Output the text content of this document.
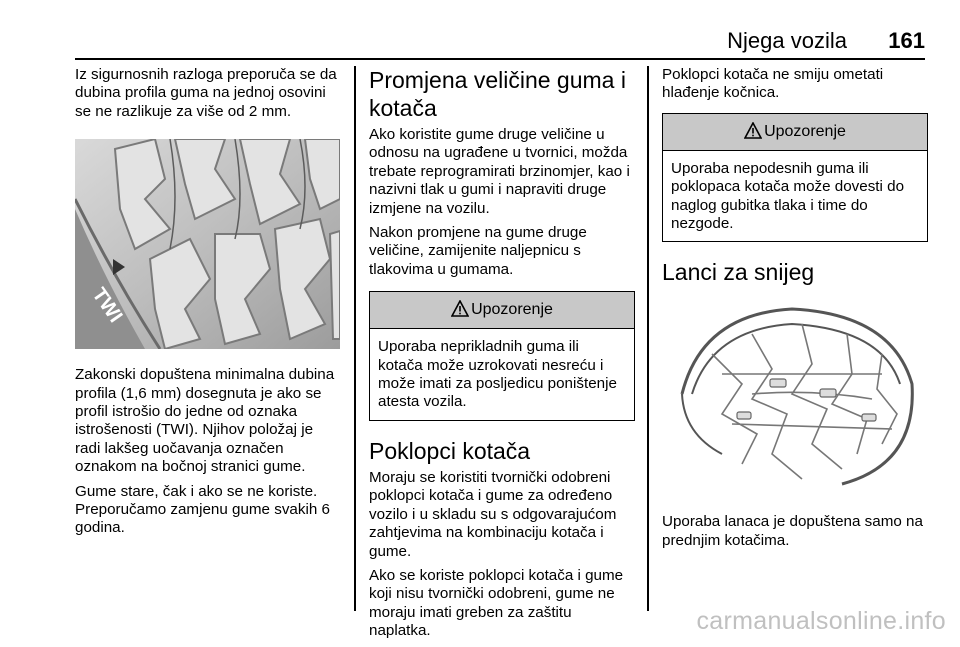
Njega vozila 161

Iz sigurnosnih razloga preporuča se da dubina profila guma na jednoj osovini se ne razlikuje za više od 2 mm.

TWI

Zakonski dopuštena minimalna dubina profila (1,6 mm) dosegnuta je ako se profil istrošio do jedne od oznaka istrošenosti (TWI). Njihov položaj je radi lakšeg uočavanja označen oznakom na bočnoj stranici gume.

Gume stare, čak i ako se ne koriste. Preporučamo zamjenu gume svakih 6 godina.

Promjena veličine guma i kotača

Ako koristite gume druge veličine u odnosu na ugrađene u tvornici, možda trebate reprogramirati brzinomjer, kao i nazivni tlak u gumi i napraviti druge izmjene na vozilu.

Nakon promjene na gume druge veličine, zamijenite naljepnicu s tlakovima u gumama.

Upozorenje

Uporaba neprikladnih guma ili kotača može uzrokovati nesreću i može imati za posljedicu poništenje atesta vozila.

Poklopci kotača

Moraju se koristiti tvornički odobreni poklopci kotača i gume za određeno vozilo i u skladu su s odgovarajućom zahtjevima na kombinaciju kotača i gume.

Ako se koriste poklopci kotača i gume koji nisu tvornički odobreni, gume ne moraju imati greben za zaštitu naplatka.

Poklopci kotača ne smiju ometati hlađenje kočnica.

Upozorenje

Uporaba nepodesnih guma ili poklopaca kotača može dovesti do naglog gubitka tlaka i time do nezgode.

Lanci za snijeg

Uporaba lanaca je dopuštena samo na prednjim kotačima.

carmanualsonline.info
